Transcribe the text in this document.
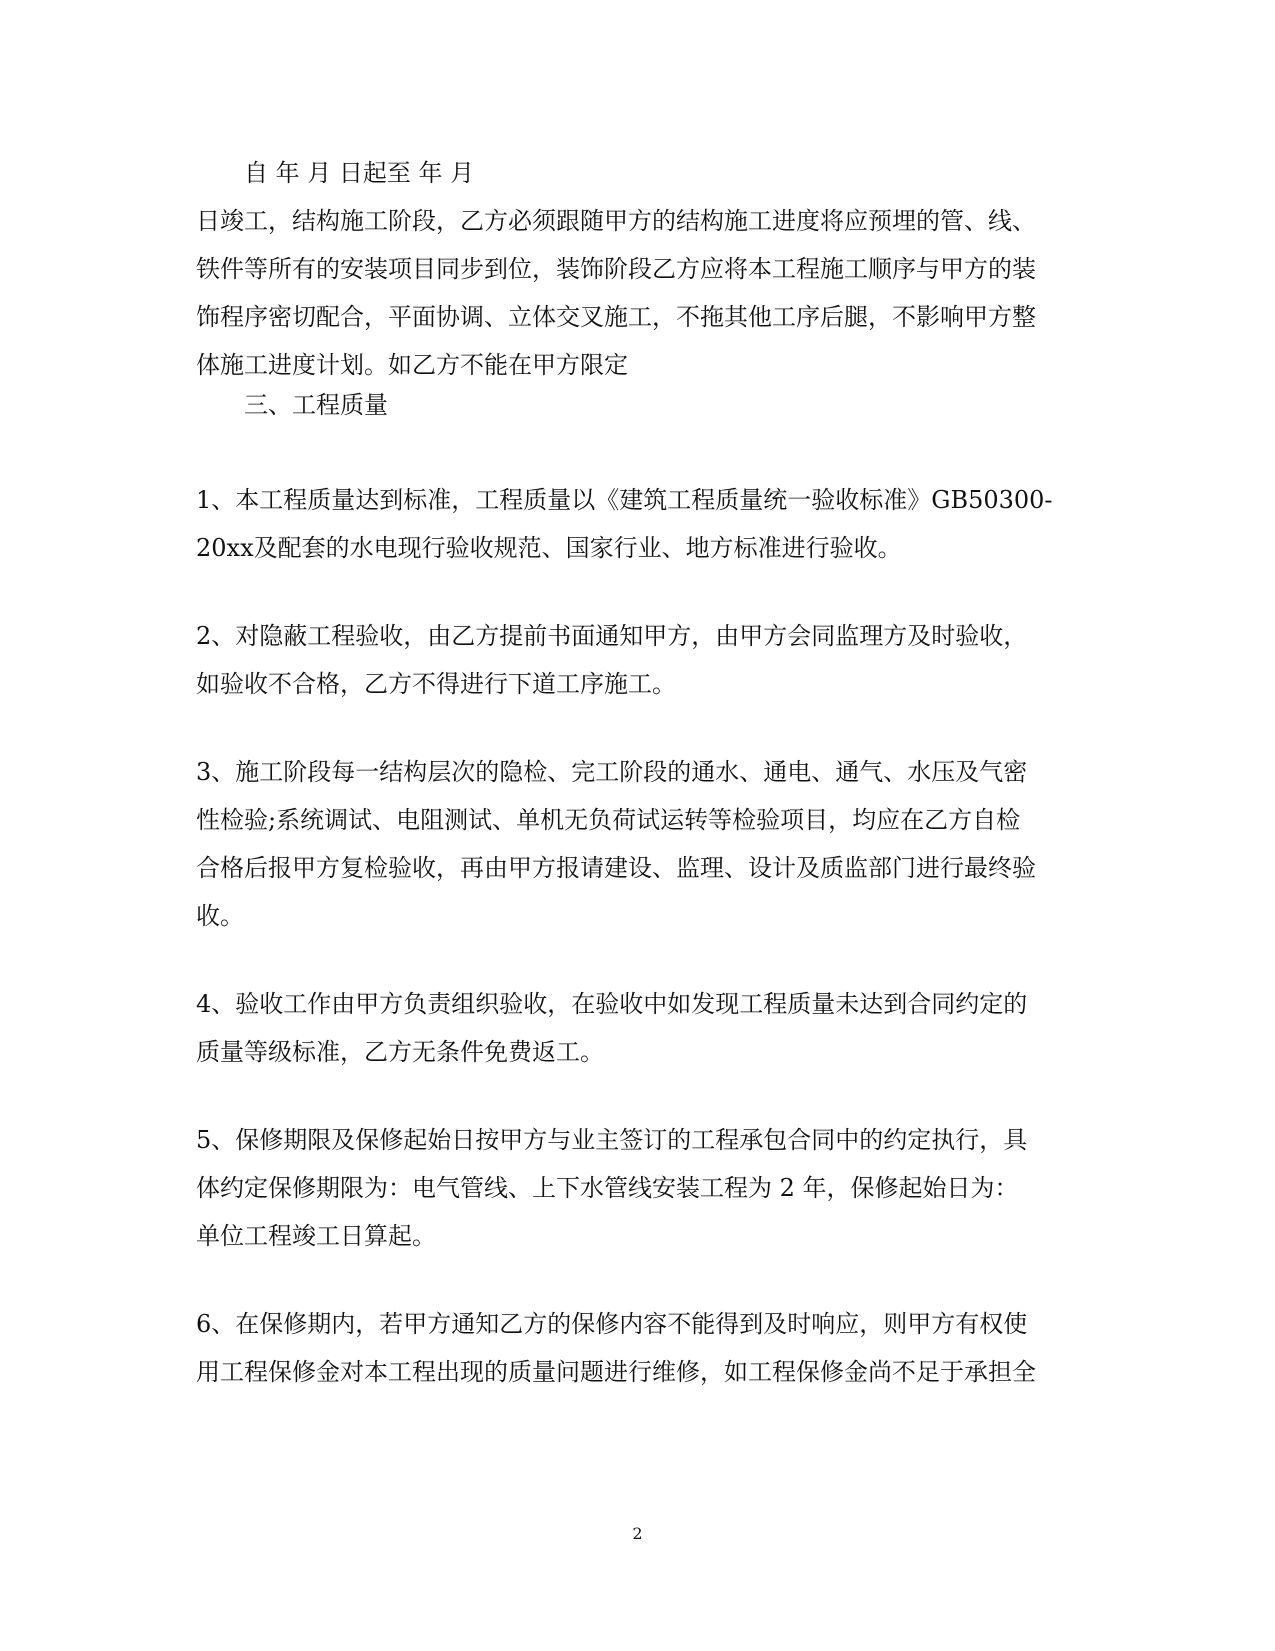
自 年 月 日起至 年 月
日竣工，结构施工阶段，乙方必须跟随甲方的结构施工进度将应预埋的管、线、
铁件等所有的安装项目同步到位，装饰阶段乙方应将本工程施工顺序与甲方的装
饰程序密切配合，平面协调、立体交叉施工，不拖其他工序后腿，不影响甲方整
体施工进度计划。如乙方不能在甲方限定
三、工程质量
1、本工程质量达到标准，工程质量以《建筑工程质量统一验收标准》GB50300-
20xx及配套的水电现行验收规范、国家行业、地方标准进行验收。
2、对隐蔽工程验收，由乙方提前书面通知甲方，由甲方会同监理方及时验收，
如验收不合格，乙方不得进行下道工序施工。
3、施工阶段每一结构层次的隐检、完工阶段的通水、通电、通气、水压及气密
性检验;系统调试、电阻测试、单机无负荷试运转等检验项目，均应在乙方自检
合格后报甲方复检验收，再由甲方报请建设、监理、设计及质监部门进行最终验
收。
4、验收工作由甲方负责组织验收，在验收中如发现工程质量未达到合同约定的
质量等级标准，乙方无条件免费返工。
5、保修期限及保修起始日按甲方与业主签订的工程承包合同中的约定执行，具
体约定保修期限为：电气管线、上下水管线安装工程为 2 年，保修起始日为：
单位工程竣工日算起。
6、在保修期内，若甲方通知乙方的保修内容不能得到及时响应，则甲方有权使
用工程保修金对本工程出现的质量问题进行维修，如工程保修金尚不足于承担全
2
